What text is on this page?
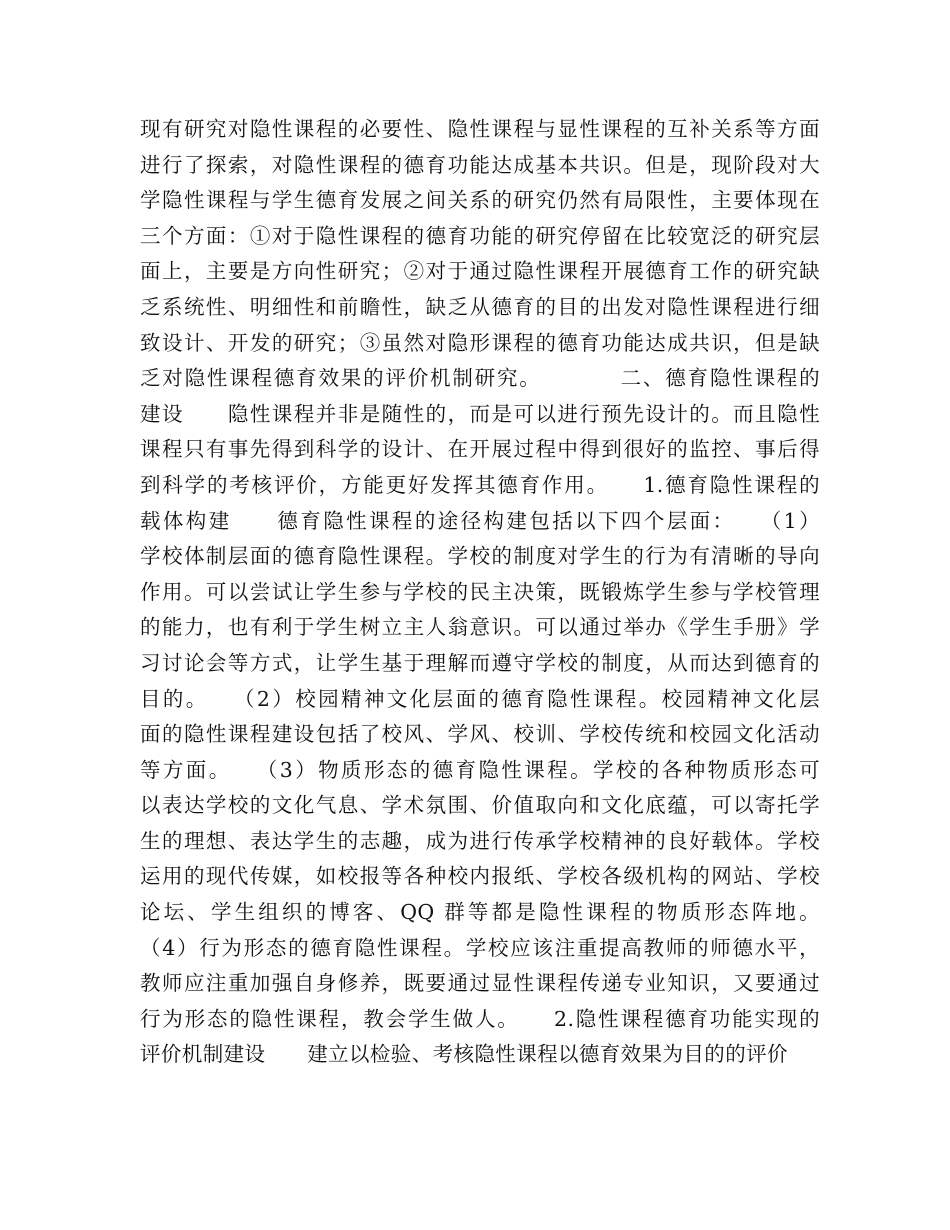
现有研究对隐性课程的必要性、隐性课程与显性课程的互补关系等方面
进行了探索，对隐性课程的德育功能达成基本共识。但是，现阶段对大
学隐性课程与学生德育发展之间关系的研究仍然有局限性，主要体现在
三个方面：①对于隐性课程的德育功能的研究停留在比较宽泛的研究层
面上，主要是方向性研究；②对于通过隐性课程开展德育工作的研究缺
乏系统性、明细性和前瞻性，缺乏从德育的目的出发对隐性课程进行细
致设计、开发的研究；③虽然对隐形课程的德育功能达成共识，但是缺
乏对隐性课程德育效果的评价机制研究。　　　　二、德育隐性课程的
建设　　隐性课程并非是随性的，而是可以进行预先设计的。而且隐性
课程只有事先得到科学的设计、在开展过程中得到很好的监控、事后得
到科学的考核评价，方能更好发挥其德育作用。　　1.德育隐性课程的
载体构建　　德育隐性课程的途径构建包括以下四个层面：　　（1）
学校体制层面的德育隐性课程。学校的制度对学生的行为有清晰的导向
作用。可以尝试让学生参与学校的民主决策，既锻炼学生参与学校管理
的能力，也有利于学生树立主人翁意识。可以通过举办《学生手册》学
习讨论会等方式，让学生基于理解而遵守学校的制度，从而达到德育的
目的。　　（2）校园精神文化层面的德育隐性课程。校园精神文化层
面的隐性课程建设包括了校风、学风、校训、学校传统和校园文化活动
等方面。　　（3）物质形态的德育隐性课程。学校的各种物质形态可
以表达学校的文化气息、学术氛围、价值取向和文化底蕴，可以寄托学
生的理想、表达学生的志趣，成为进行传承学校精神的良好载体。学校
运用的现代传媒，如校报等各种校内报纸、学校各级机构的网站、学校
论坛、学生组织的博客、QQ 群等都是隐性课程的物质形态阵地。
（4）行为形态的德育隐性课程。学校应该注重提高教师的师德水平，
教师应注重加强自身修养，既要通过显性课程传递专业知识，又要通过
行为形态的隐性课程，教会学生做人。　　2.隐性课程德育功能实现的
评价机制建设　　建立以检验、考核隐性课程以德育效果为目的的评价
